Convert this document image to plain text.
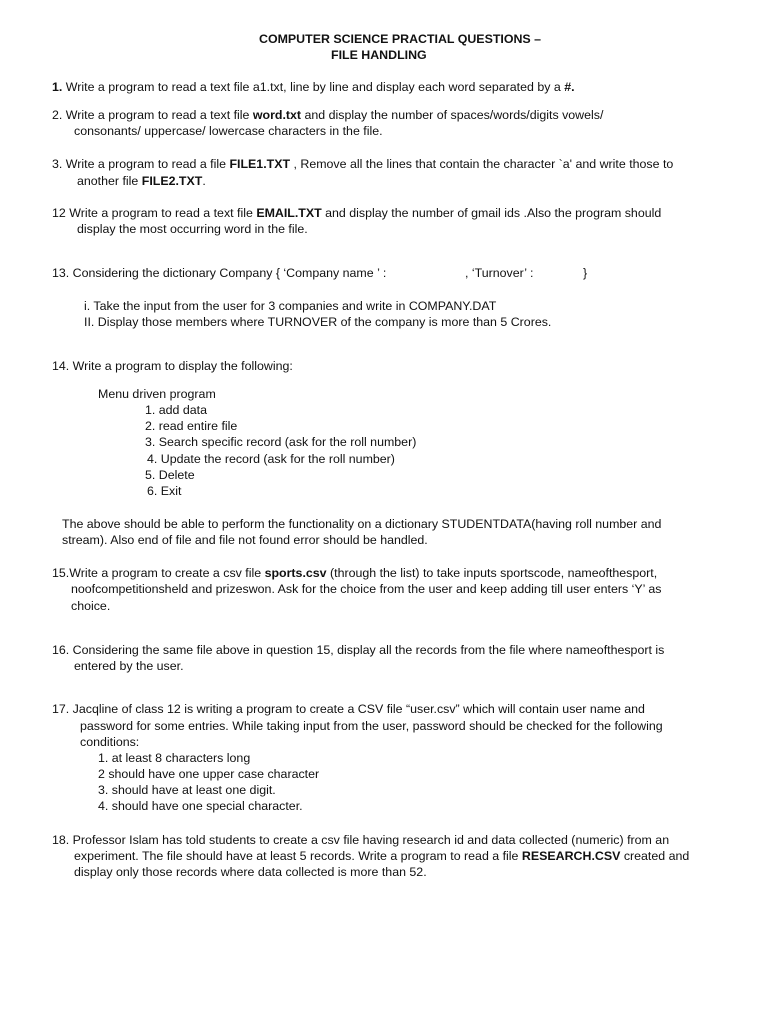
COMPUTER SCIENCE PRACTIAL QUESTIONS –
FILE HANDLING
1. Write a program to read a text file a1.txt, line by line and display each word separated by a #.
2. Write a program to read a text file word.txt and display the number of spaces/words/digits vowels/
consonants/ uppercase/ lowercase characters in the file.
3. Write a program to read a file FILE1.TXT , Remove all the lines that contain the character `a' and write those to
another file FILE2.TXT.
12 Write a program to read a text file EMAIL.TXT and display the number of gmail ids .Also the program should
display the most occurring word in the file.
13. Considering the dictionary Company { ‘Company name ’ :	, ‘Turnover’ :	}
i. Take the input from the user for 3 companies and write in COMPANY.DAT
II. Display those members where TURNOVER of the company is more than 5 Crores.
14. Write a program to display the following:
Menu driven program
1. add data
2. read entire file
3. Search specific record (ask for the roll number)
4. Update the record (ask for the roll number)
5. Delete
6. Exit
The above should be able to perform the functionality on a dictionary STUDENTDATA(having roll number and
stream). Also end of file and file not found error should be handled.
15.Write a program to create a csv file sports.csv (through the list) to take inputs sportscode, nameofthesport,
noofcompetitionsheld and prizeswon. Ask for the choice from the user and keep adding till user enters ‘Y’ as
choice.
16. Considering the same file above in question 15, display all the records from the file where nameofthesport is
entered by the user.
17. Jacqline of class 12 is writing a program to create a CSV file “user.csv” which will contain user name and
password for some entries. While taking input from the user, password should be checked for the following
conditions:
1. at least 8 characters long
2 should have one upper case character
3. should have at least one digit.
4. should have one special character.
18. Professor Islam has told students to create a csv file having research id and data collected (numeric) from an
experiment. The file should have at least 5 records. Write a program to read a file RESEARCH.CSV created and
display only those records where data collected is more than 52.
